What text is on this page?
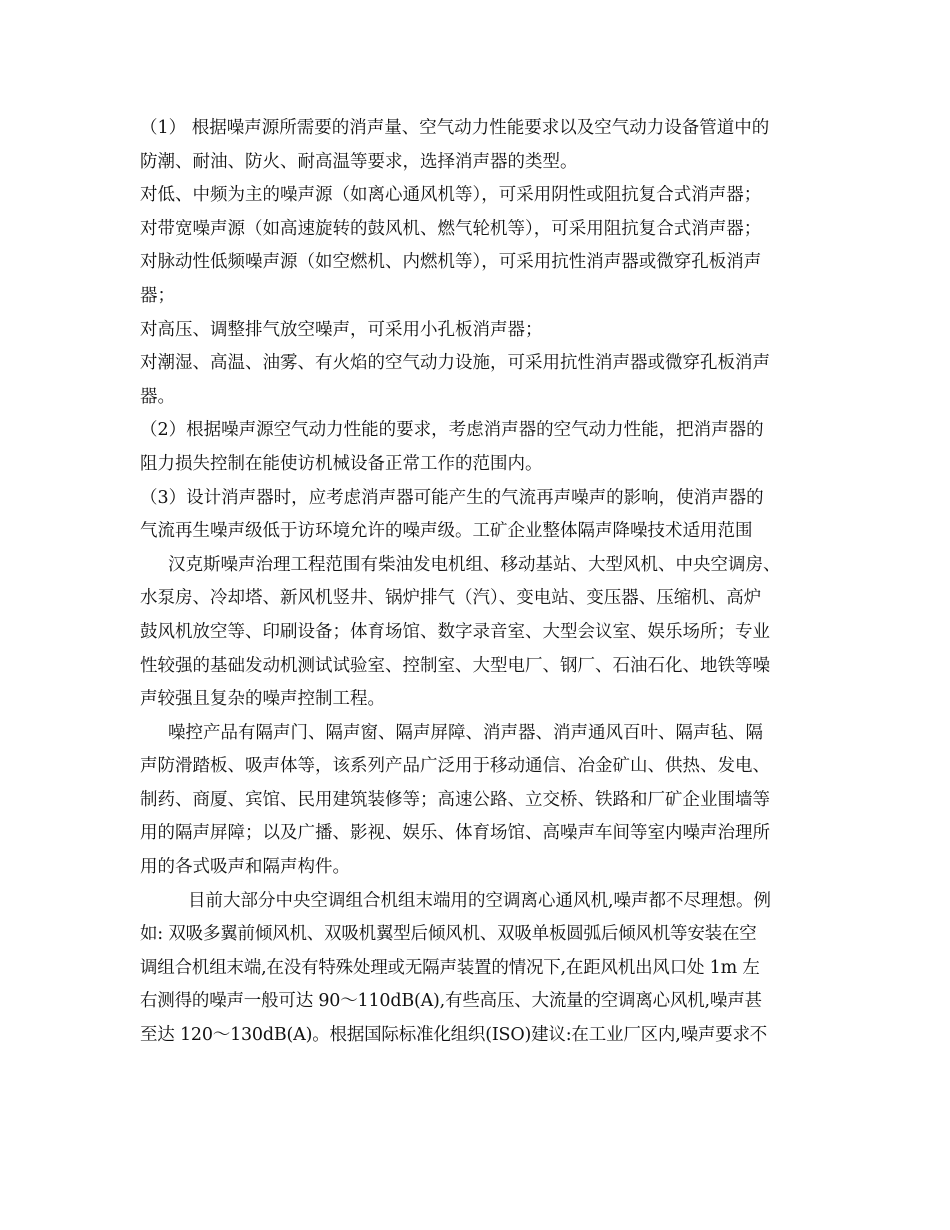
（1） 根据噪声源所需要的消声量、空气动力性能要求以及空气动力设备管道中的
防潮、耐油、防火、耐高温等要求，选择消声器的类型。
对低、中频为主的噪声源（如离心通风机等），可采用阴性或阻抗复合式消声器；
对带宽噪声源（如高速旋转的鼓风机、燃气轮机等），可采用阻抗复合式消声器；
对脉动性低频噪声源（如空燃机、内燃机等），可采用抗性消声器或微穿孔板消声
器；
对高压、调整排气放空噪声，可采用小孔板消声器；
对潮湿、高温、油雾、有火焰的空气动力设施，可采用抗性消声器或微穿孔板消声
器。
（2）根据噪声源空气动力性能的要求，考虑消声器的空气动力性能，把消声器的
阻力损失控制在能使访机械设备正常工作的范围内。
（3）设计消声器时，应考虑消声器可能产生的气流再声噪声的影响，使消声器的
气流再生噪声级低于访环境允许的噪声级。工矿企业整体隔声降噪技术适用范围
汉克斯噪声治理工程范围有柴油发电机组、移动基站、大型风机、中央空调房、
水泵房、冷却塔、新风机竖井、锅炉排气（汽）、变电站、变压器、压缩机、高炉
鼓风机放空等、印刷设备；体育场馆、数字录音室、大型会议室、娱乐场所；专业
性较强的基础发动机测试试验室、控制室、大型电厂、钢厂、石油石化、地铁等噪
声较强且复杂的噪声控制工程。
噪控产品有隔声门、隔声窗、隔声屏障、消声器、消声通风百叶、隔声毡、隔
声防滑踏板、吸声体等，该系列产品广泛用于移动通信、冶金矿山、供热、发电、
制药、商厦、宾馆、民用建筑装修等；高速公路、立交桥、铁路和厂矿企业围墙等
用的隔声屏障；以及广播、影视、娱乐、体育场馆、高噪声车间等室内噪声治理所
用的各式吸声和隔声构件。
目前大部分中央空调组合机组末端用的空调离心通风机,噪声都不尽理想。例
如: 双吸多翼前倾风机、双吸机翼型后倾风机、双吸单板圆弧后倾风机等安装在空
调组合机组末端,在没有特殊处理或无隔声装置的情况下,在距风机出风口处 1m 左
右测得的噪声一般可达 90～110dB(A),有些高压、大流量的空调离心风机,噪声甚
至达 120～130dB(A)。根据国际标准化组织(ISO)建议:在工业厂区内,噪声要求不
